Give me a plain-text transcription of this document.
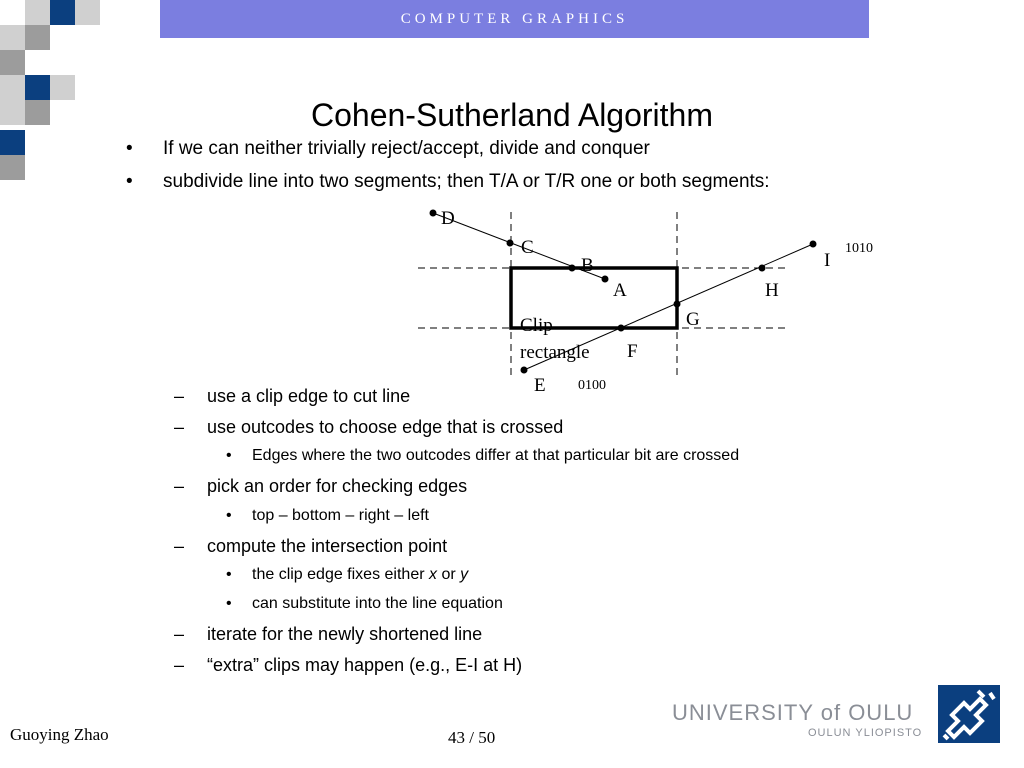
COMPUTER GRAPHICS
Cohen-Sutherland Algorithm
• If we can neither trivially reject/accept, divide and conquer
• subdivide line into two segments; then T/A or T/R one or both segments:
D
C
B
A
I
H
G
F
E
Clip
rectangle
1010
0100
– use a clip edge to cut line
– use outcodes to choose edge that is crossed
• Edges where the two outcodes differ at that particular bit are crossed
– pick an order for checking edges
• top – bottom – right – left
– compute the intersection point
• the clip edge fixes either x or y
• can substitute into the line equation
– iterate for the newly shortened line
– “extra” clips may happen (e.g., E-I at H)
Guoying Zhao	43 / 50
UNIVERSITY of OULU
OULUN YLIOPISTO
